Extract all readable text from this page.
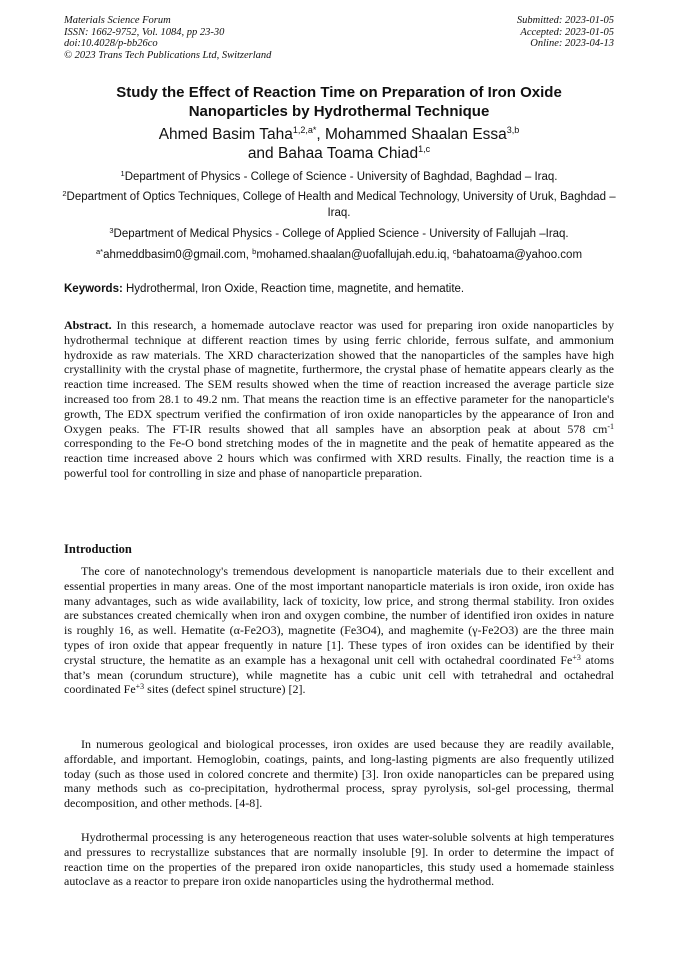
Materials Science Forum
ISSN: 1662-9752, Vol. 1084, pp 23-30
doi:10.4028/p-bb26co
© 2023 Trans Tech Publications Ltd, Switzerland
Submitted: 2023-01-05
Accepted: 2023-01-05
Online: 2023-04-13
Study the Effect of Reaction Time on Preparation of Iron Oxide
Nanoparticles by Hydrothermal Technique
Ahmed Basim Taha$^{1,2,a*}$, Mohammed Shaalan Essa$^{3,b}$
and Bahaa Toama Chiad$^{1,c}$
$^1$Department of Physics - College of Science - University of Baghdad, Baghdad – Iraq.
$^2$Department of Optics Techniques, College of Health and Medical Technology, University of Uruk, Baghdad – Iraq.
$^3$Department of Medical Physics - College of Applied Science - University of Fallujah –Iraq.
$^{a*}$ahmeddbasim0@gmail.com, $^b$mohamed.shaalan@uofallujah.edu.iq, $^c$bahatoama@yahoo.com
Keywords: Hydrothermal, Iron Oxide, Reaction time, magnetite, and hematite.
Abstract. In this research, a homemade autoclave reactor was used for preparing iron oxide nanoparticles by hydrothermal technique at different reaction times by using ferric chloride, ferrous sulfate, and ammonium hydroxide as raw materials. The XRD characterization showed that the nanoparticles of the samples have high crystallinity with the crystal phase of magnetite, furthermore, the crystal phase of hematite appears clearly as the reaction time increased. The SEM results showed when the time of reaction increased the average particle size increased too from 28.1 to 49.2 nm. That means the reaction time is an effective parameter for the nanoparticle's growth, The EDX spectrum verified the confirmation of iron oxide nanoparticles by the appearance of Iron and Oxygen peaks. The FT-IR results showed that all samples have an absorption peak at about 578 $cm^{-1}$ corresponding to the Fe-O bond stretching modes of the in magnetite and the peak of hematite appeared as the reaction time increased above 2 hours which was confirmed with XRD results. Finally, the reaction time is a powerful tool for controlling in size and phase of nanoparticle preparation.
Introduction
The core of nanotechnology's tremendous development is nanoparticle materials due to their excellent and essential properties in many areas. One of the most important nanoparticle materials is iron oxide, iron oxide has many advantages, such as wide availability, lack of toxicity, low price, and strong thermal stability. Iron oxides are substances created chemically when iron and oxygen combine, the number of identified iron oxides in nature is roughly 16, as well. Hematite (α-Fe2O3), magnetite (Fe3O4), and maghemite (γ-Fe2O3) are the three main types of iron oxide that appear frequently in nature [1]. These types of iron oxides can be identified by their crystal structure, the hematite as an example has a hexagonal unit cell with octahedral coordinated $Fe^{+3}$ atoms that’s mean (corundum structure), while magnetite has a cubic unit cell with tetrahedral and octahedral coordinated $Fe^{+3}$ sites (defect spinel structure) [2].
In numerous geological and biological processes, iron oxides are used because they are readily available, affordable, and important. Hemoglobin, coatings, paints, and long-lasting pigments are also frequently utilized today (such as those used in colored concrete and thermite) [3]. Iron oxide nanoparticles can be prepared using many methods such as co-precipitation, hydrothermal process, spray pyrolysis, sol-gel processing, thermal decomposition, and other methods. [4-8].
Hydrothermal processing is any heterogeneous reaction that uses water-soluble solvents at high temperatures and pressures to recrystallize substances that are normally insoluble [9]. In order to determine the impact of reaction time on the properties of the prepared iron oxide nanoparticles, this study used a homemade stainless autoclave as a reactor to prepare iron oxide nanoparticles using the hydrothermal method.
